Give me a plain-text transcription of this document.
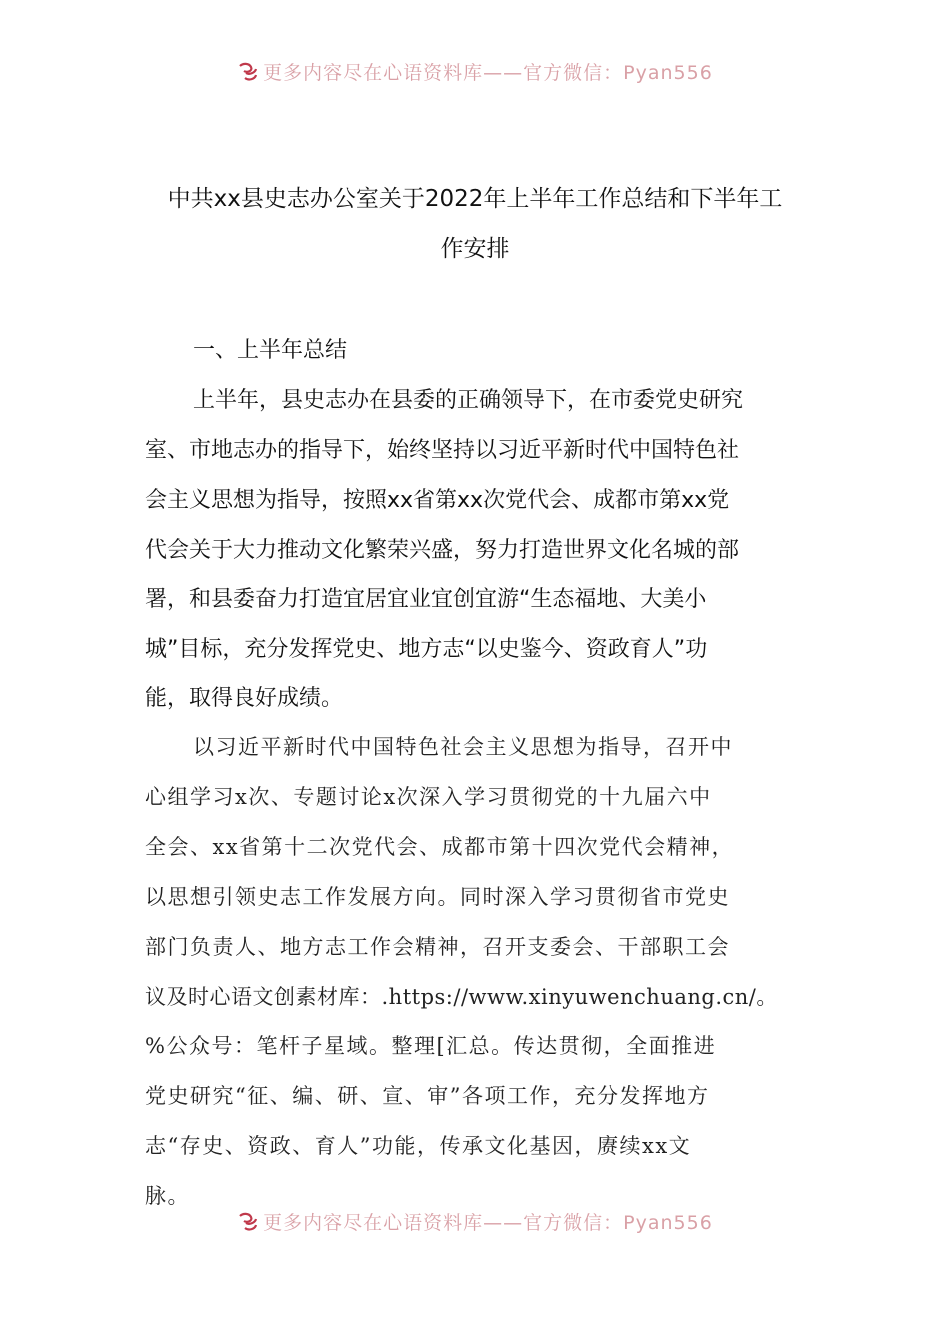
更多内容尽在心语资料库——官方微信：Pyan556
中共xx县史志办公室关于2022年上半年工作总结和下半年工
作安排
一、上半年总结
上半年，县史志办在县委的正确领导下，在市委党史研究
室、市地志办的指导下，始终坚持以习近平新时代中国特色社
会主义思想为指导，按照xx省第xx次党代会、成都市第xx党
代会关于大力推动文化繁荣兴盛，努力打造世界文化名城的部
署，和县委奋力打造宜居宜业宜创宜游“生态福地、大美小
城”目标，充分发挥党史、地方志“以史鉴今、资政育人”功
能，取得良好成绩。
以习近平新时代中国特色社会主义思想为指导，召开中
心组学习x次、专题讨论x次深入学习贯彻党的十九届六中
全会、xx省第十二次党代会、成都市第十四次党代会精神，
以思想引领史志工作发展方向。同时深入学习贯彻省市党史
部门负责人、地方志工作会精神，召开支委会、干部职工会
议及时心语文创素材库：.https://www.xinyuwenchuang.cn/。
%公众号：笔杆子星域。整理[汇总。传达贯彻，全面推进
党史研究“征、编、研、宣、审”各项工作，充分发挥地方
志“存史、资政、育人”功能，传承文化基因，赓续xx文
脉。
更多内容尽在心语资料库——官方微信：Pyan556
